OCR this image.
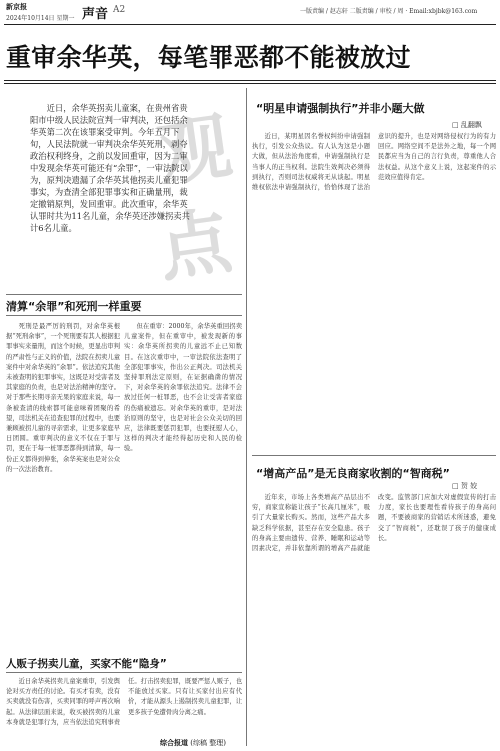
新京报
2024年10月14日 星期一 声音 A2	一版责编 / 赵志轩 二版责编 / 审校 / 周 · Email:xbjbk@163.com
重审余华英，每笔罪恶都不能被放过
观
点
近日，余华英拐卖儿童案，在贵州省贵阳市中级人民法院宣判一审判决，还包括余华英第二次在该罪案受审判。今年五月下旬，人民法院就一审判决余华英死刑，剥夺政治权利终身，之前以发回重审，因为二审中发现余华英可能还有“余罪”，一审法院以为，原判决遗漏了余华英其他拐卖儿童犯罪事实，为查清全部犯罪事实和正确量刑，裁定撤销原判，发回重审。此次重审，余华英认罪时共为11名儿童，余华英还涉嫌拐卖共计6名儿童。
清算“余罪”和死刑一样重要
死刑是最严厉的刑罚，对余华英根据“死刑余事”，一个死刑要有其人根据犯罪事实来量刑，而这个时候，更显出审判的严肃性与正义的价值，法院在拐卖儿童案件中对余华英的“余罪”。依法追究其他未被查明的犯罪事实，这既是对受害者及其家庭的负责，也是对法治精神的坚守。对于那些长期寻亲无果的家庭来说，每一条被查清的线索都可能意味着团聚的希望，司法机关在追查犯罪的过程中，也要兼顾被拐儿童的寻亲需求，让更多家庭早日团圆。重审判决的意义不仅在于罪与罚，更在于每一桩罪恶都得到清算，每一份正义都得到伸张，余华英案也是对公众的一次法治教育。
但在重审：2000年，余华英重回拐卖儿童案件，但在重审中，被发现新的事实：余华英所拐卖的儿童远不止已知数目。在这次重审中，一审法院依法查明了全部犯罪事实，作出公正判决。司法机关坚持罪刑法定原则，在证据确凿的情况下，对余华英的余罪依法追究。法律不会放过任何一桩罪恶，也不会让受害者家庭的伤痛被遗忘。对余华英的重审，是对法治原则的坚守，也是对社会公众关切的回应，法律既要惩罚犯罪，也要抚慰人心，这样的判决才能经得起历史和人民的检验。
人贩子拐卖儿童，买家不能“隐身”
近日余华英拐卖儿童案重审，引发舆论对买方责任的讨论。有买才有卖，没有买卖就没有伤害，买卖同罪的呼声再次响起。从法律层面来说，收买被拐卖的儿童本身就是犯罪行为，应当依法追究刑事责任。打击拐卖犯罪，既要严惩人贩子，也不能放过买家。只有让买家付出应有代价，才能从源头上遏制拐卖儿童犯罪，让更多孩子免遭骨肉分离之痛。
综合报道 (综稿 整理)
“明星申请强制执行”并非小题大做
□ 乱翻飘
近日，某明星因名誉权纠纷申请强制执行，引发公众热议。有人认为这是小题大做，但从法治角度看，申请强制执行是当事人的正当权利。法院生效判决必须得到执行，否则司法权威将无从谈起。明星维权依法申请强制执行，恰恰体现了法治意识的提升，也是对网络侵权行为的有力回应。网络空间不是法外之地，每一个网民都应当为自己的言行负责，尊重他人合法权益。从这个意义上说，这起案件的示范效应值得肯定。
“增高产品”是无良商家收割的“智商税”
□ 贺 姣
近年来，市场上各类增高产品层出不穷，商家宣称能让孩子“长高几厘米”，吸引了大量家长购买。然而，这些产品大多缺乏科学依据，甚至存在安全隐患。孩子的身高主要由遗传、营养、睡眠和运动等因素决定，并非依靠所谓的增高产品就能改变。监管部门应加大对虚假宣传的打击力度，家长也要理性看待孩子的身高问题，不要被商家的营销话术所迷惑，避免交了“智商税”，还耽误了孩子的健康成长。
